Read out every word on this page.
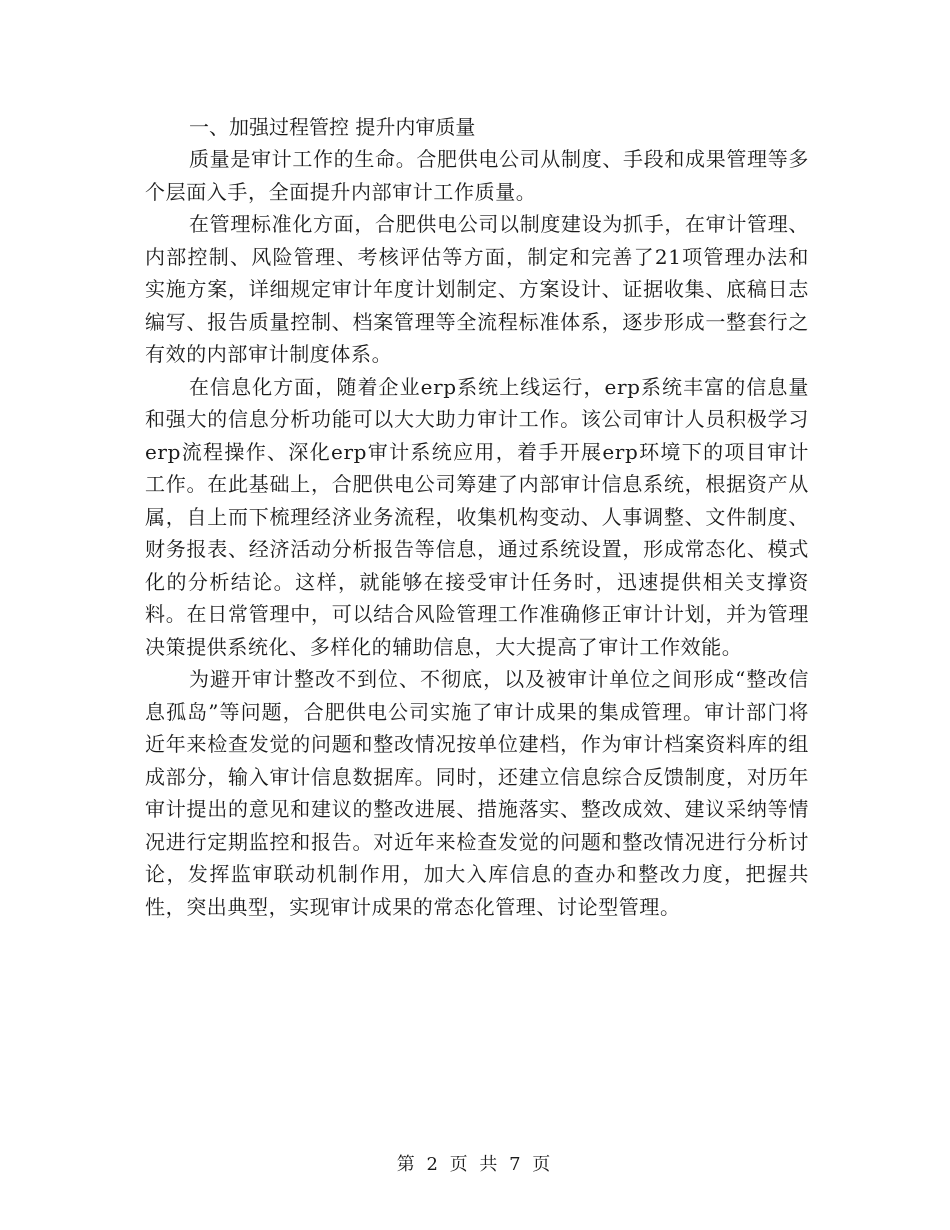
一、加强过程管控 提升内审质量

质量是审计工作的生命。合肥供电公司从制度、手段和成果管理等多个层面入手，全面提升内部审计工作质量。

在管理标准化方面，合肥供电公司以制度建设为抓手，在审计管理、内部控制、风险管理、考核评估等方面，制定和完善了21项管理办法和实施方案，详细规定审计年度计划制定、方案设计、证据收集、底稿日志编写、报告质量控制、档案管理等全流程标准体系，逐步形成一整套行之有效的内部审计制度体系。

在信息化方面，随着企业erp系统上线运行，erp系统丰富的信息量和强大的信息分析功能可以大大助力审计工作。该公司审计人员积极学习erp流程操作、深化erp审计系统应用，着手开展erp环境下的项目审计工作。在此基础上，合肥供电公司筹建了内部审计信息系统，根据资产从属，自上而下梳理经济业务流程，收集机构变动、人事调整、文件制度、财务报表、经济活动分析报告等信息，通过系统设置，形成常态化、模式化的分析结论。这样，就能够在接受审计任务时，迅速提供相关支撑资料。在日常管理中，可以结合风险管理工作准确修正审计计划，并为管理决策提供系统化、多样化的辅助信息，大大提高了审计工作效能。

为避开审计整改不到位、不彻底，以及被审计单位之间形成“整改信息孤岛”等问题，合肥供电公司实施了审计成果的集成管理。审计部门将近年来检查发觉的问题和整改情况按单位建档，作为审计档案资料库的组成部分，输入审计信息数据库。同时，还建立信息综合反馈制度，对历年审计提出的意见和建议的整改进展、措施落实、整改成效、建议采纳等情况进行定期监控和报告。对近年来检查发觉的问题和整改情况进行分析讨论，发挥监审联动机制作用，加大入库信息的查办和整改力度，把握共性，突出典型，实现审计成果的常态化管理、讨论型管理。

第 2 页 共 7 页
